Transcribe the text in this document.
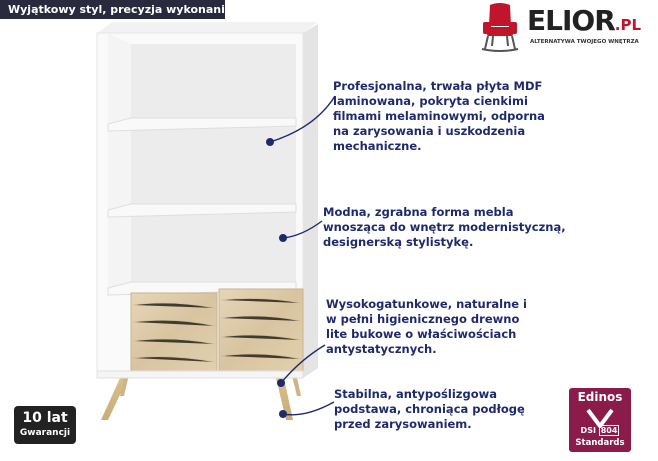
Wyjątkowy styl, precyzja wykonania!	ELIOR.PL
ALTERNATYWA TWOJEGO WNĘTRZA
Profesjonalna, trwała płyta MDF
laminowana, pokryta cienkimi
filmami melaminowymi, odporna
na zarysowania i uszkodzenia
mechaniczne.
Modna, zgrabna forma mebla
wnosząca do wnętrz modernistyczną,
designerską stylistykę.
Wysokogatunkowe, naturalne i
w pełni higienicznego drewno
lite bukowe o właściwościach
antystatycznych.
Stabilna, antypoślizgowa
podstawa, chroniąca podłogę
przed zarysowaniem.
10 lat
Gwarancji
Edinos
DSI 804
Standards
